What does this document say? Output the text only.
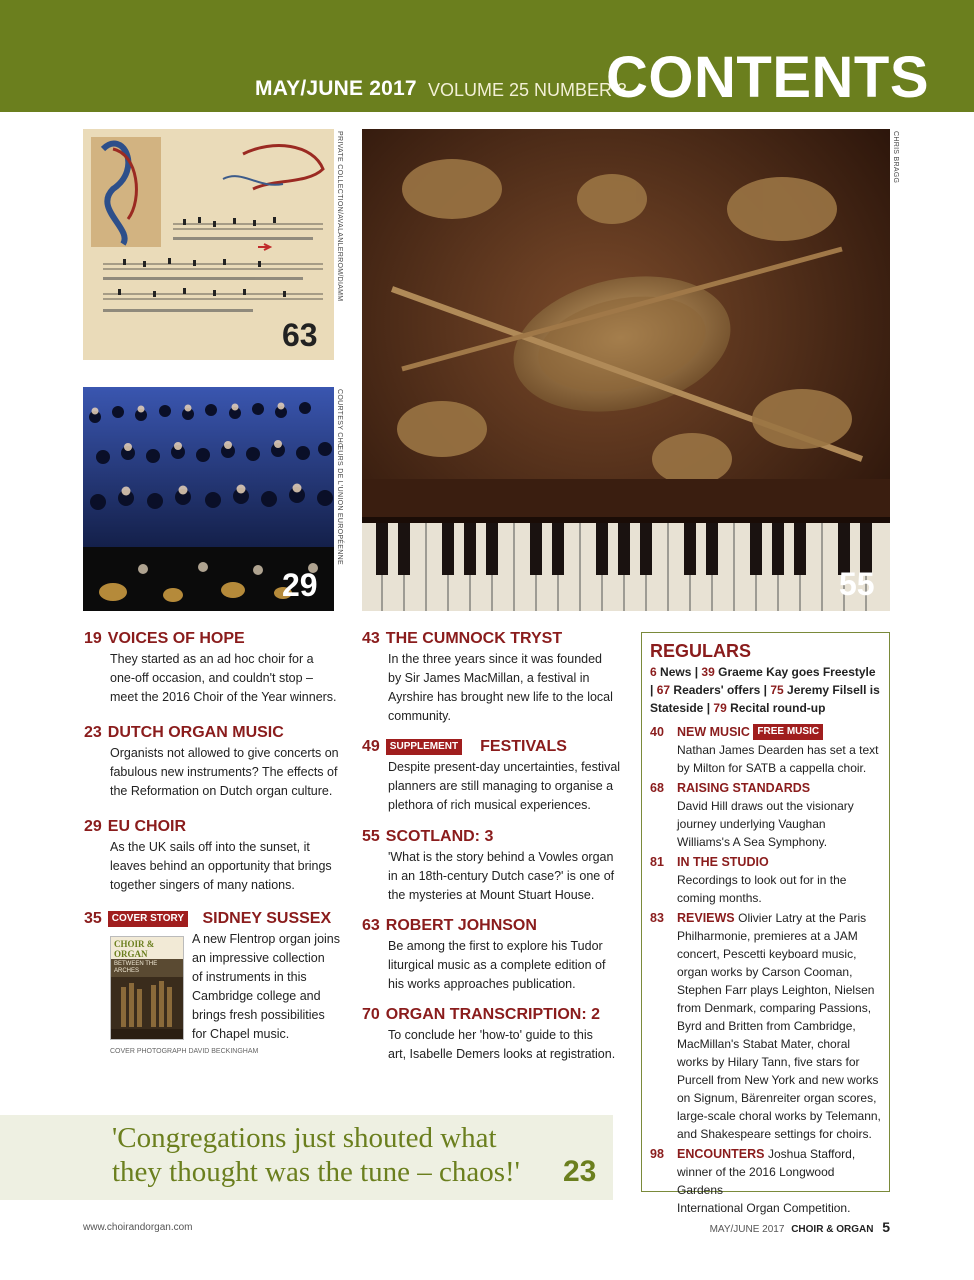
MAY/JUNE 2017 VOLUME 25 NUMBER 3
CONTENTS
63
PRIVATE COLLECTION/AVALANLERROM/DIAMM
29
COURTESY CHŒURS DE L'UNION EUROPÉENNE
55
CHRIS BRAGG
19 VOICES OF HOPE
They started as an ad hoc choir for a
one-off occasion, and couldn't stop –
meet the 2016 Choir of the Year winners.
23 DUTCH ORGAN MUSIC
Organists not allowed to give concerts on
fabulous new instruments? The effects of
the Reformation on Dutch organ culture.
29 EU CHOIR
As the UK sails off into the sunset, it
leaves behind an opportunity that brings
together singers of many nations.
35 COVER STORY SIDNEY SUSSEX
A new Flentrop organ joins
an impressive collection
of instruments in this
Cambridge college and
brings fresh possibilities
for Chapel music.
CHOIR & ORGAN
BETWEEN THE ARCHES
COVER PHOTOGRAPH DAVID BECKINGHAM
43 THE CUMNOCK TRYST
In the three years since it was founded
by Sir James MacMillan, a festival in
Ayrshire has brought new life to the local
community.
49 SUPPLEMENT FESTIVALS
Despite present-day uncertainties, festival
planners are still managing to organise a
plethora of rich musical experiences.
55 SCOTLAND: 3
'What is the story behind a Vowles organ
in an 18th-century Dutch case?' is one of
the mysteries at Mount Stuart House.
63 ROBERT JOHNSON
Be among the first to explore his Tudor
liturgical music as a complete edition of
his works approaches publication.
70 ORGAN TRANSCRIPTION: 2
To conclude her 'how-to' guide to this
art, Isabelle Demers looks at registration.
REGULARS
6 News | 39 Graeme Kay goes Freestyle | 67 Readers' offers | 75 Jeremy Filsell is Stateside | 79 Recital round-up
40 NEW MUSIC FREE MUSIC
Nathan James Dearden has set a text
by Milton for SATB a cappella choir.
68 RAISING STANDARDS
David Hill draws out the visionary
journey underlying Vaughan
Williams's A Sea Symphony.
81 IN THE STUDIO
Recordings to look out for in the
coming months.
83 REVIEWS Olivier Latry at the Paris
Philharmonie, premieres at a JAM
concert, Pescetti keyboard music,
organ works by Carson Cooman,
Stephen Farr plays Leighton, Nielsen
from Denmark, comparing Passions,
Byrd and Britten from Cambridge,
MacMillan's Stabat Mater, choral
works by Hilary Tann, five stars for
Purcell from New York and new works
on Signum, Bärenreiter organ scores,
large-scale choral works by Telemann,
and Shakespeare settings for choirs.
98 ENCOUNTERS Joshua Stafford,
winner of the 2016 Longwood Gardens
International Organ Competition.
'Congregations just shouted what
they thought was the tune – chaos!' 23
www.choirandorgan.com	MAY/JUNE 2017 CHOIR & ORGAN 5
